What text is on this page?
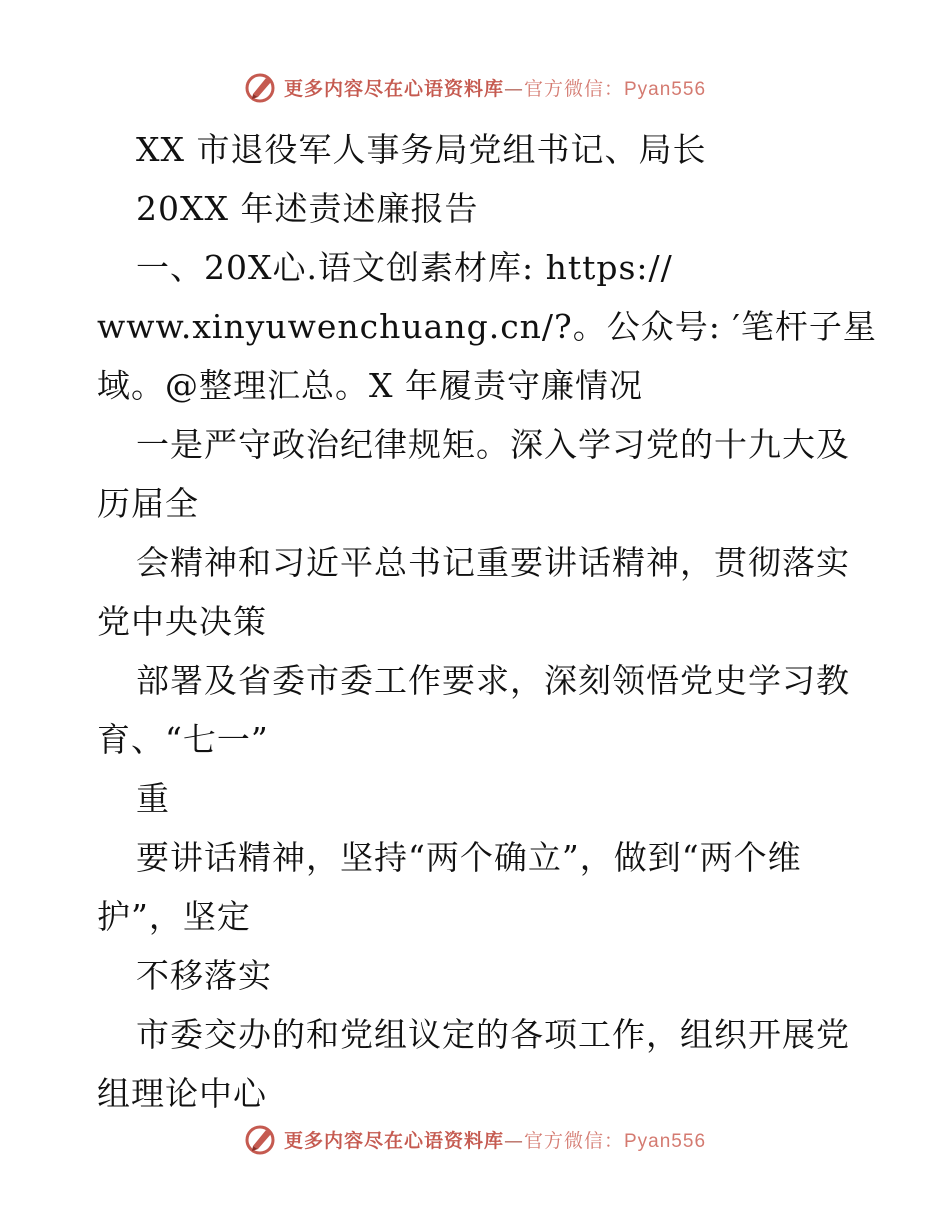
更多内容尽在心语资料库—官方微信：Pyan556
XX 市退役军人事务局党组书记、局长
20XX 年述责述廉报告
一、20X心.语文创素材库: https://
www.xinyuwenchuang.cn/?。公众号: ′笔杆子星
域。@整理汇总。X 年履责守廉情况
一是严守政治纪律规矩。深入学习党的十九大及
历届全
会精神和习近平总书记重要讲话精神，贯彻落实
党中央决策
部署及省委市委工作要求，深刻领悟党史学习教
育、“七一”
重
要讲话精神，坚持“两个确立”，做到“两个维
护”，坚定
不移落实
市委交办的和党组议定的各项工作，组织开展党
组理论中心
更多内容尽在心语资料库—官方微信：Pyan556
